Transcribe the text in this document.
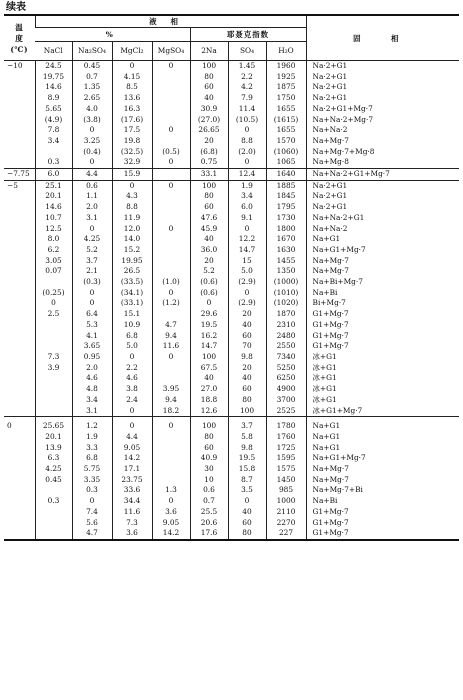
续表
温
度
(℃)	液相							固 相
	%				耶聂克指数			
	NaCl	Na₂SO₄	MgCl₂	MgSO₄	2Na	SO₄	H₂O	
−10	24.5	0.45	0	0	100	1.45	1960	Na·2+G1
	19.75	0.7	4.15		80	2.2	1925	Na·2+G1
	14.6	1.35	8.5		60	4.2	1875	Na·2+G1
	8.9	2.65	13.6		40	7.9	1750	Na·2+G1
	5.65	4.0	16.3		30.9	11.4	1655	Na·2+G1+Mg·7
	(4.9)	(3.8)	(17.6)		(27.0)	(10.5)	(1615)	Na+Na·2+Mg·7
	7.8	0	17.5	0	26.65	0	1655	Na+Na·2
	3.4	3.25	19.8		20	8.8	1570	Na+Mg·7
		(0.4)	(32.5)	(0.5)	(6.8)	(2.0)	(1060)	Na+Mg·7+Mg·8
	0.3	0	32.9	0	0.75	0	1065	Na+Mg·8
−7.75	6.0	4.4	15.9		33.1	12.4	1640	Na+Na·2+G1+Mg·7
−5	25.1	0.6	0	0	100	1.9	1885	Na·2+G1
	20.1	1.1	4.3		80	3.4	1845	Na·2+G1
	14.6	2.0	8.8		60	6.0	1795	Na·2+G1
	10.7	3.1	11.9		47.6	9.1	1730	Na+Na·2+G1
	12.5	0	12.0	0	45.9	0	1800	Na+Na·2
	8.0	4.25	14.0		40	12.2	1670	Na+G1
	6.2	5.2	15.2		36.0	14.7	1630	Na+G1+Mg·7
	3.05	3.7	19.95		20	15	1455	Na+Mg·7
	0.07	2.1	26.5		5.2	5.0	1350	Na+Mg·7
		(0.3)	(33.5)	(1.0)	(0.6)	(2.9)	(1000)	Na+Bi+Mg·7
	(0.25)	0	(34.1)	0	(0.6)	0	(1010)	Na+Bi
	0	0	(33.1)	(1.2)	0	(2.9)	(1020)	Bi+Mg·7
	2.5	6.4	15.1		29.6	20	1870	G1+Mg·7
		5.3	10.9	4.7	19.5	40	2310	G1+Mg·7
		4.1	6.8	9.4	16.2	60	2480	G1+Mg·7
		3.65	5.0	11.6	14.7	70	2550	G1+Mg·7
	7.3	0.95	0	0	100	9.8	7340	冰+G1
	3.9	2.0	2.2		67.5	20	5250	冰+G1
		4.6	4.6		40	40	6250	冰+G1
		4.8	3.8	3.95	27.0	60	4900	冰+G1
		3.4	2.4	9.4	18.8	80	3700	冰+G1
		3.1	0	18.2	12.6	100	2525	冰+G1+Mg·7

0	25.65	1.2	0	0	100	3.7	1780	Na+G1
	20.1	1.9	4.4		80	5.8	1760	Na+G1
	13.9	3.3	9.05		60	9.8	1725	Na+G1
	6.3	6.8	14.2		40.9	19.5	1595	Na+G1+Mg·7
	4.25	5.75	17.1		30	15.8	1575	Na+Mg·7
	0.45	3.35	23.75		10	8.7	1450	Na+Mg·7
		0.3	33.6	1.3	0.6	3.5	985	Na+Mg·7+Bi
	0.3	0	34.4	0	0.7	0	1000	Na+Bi
		7.4	11.6	3.6	25.5	40	2110	G1+Mg·7
		5.6	7.3	9.05	20.6	60	2270	G1+Mg·7
		4.7	3.6	14.2	17.6	80	227	G1+Mg·7
